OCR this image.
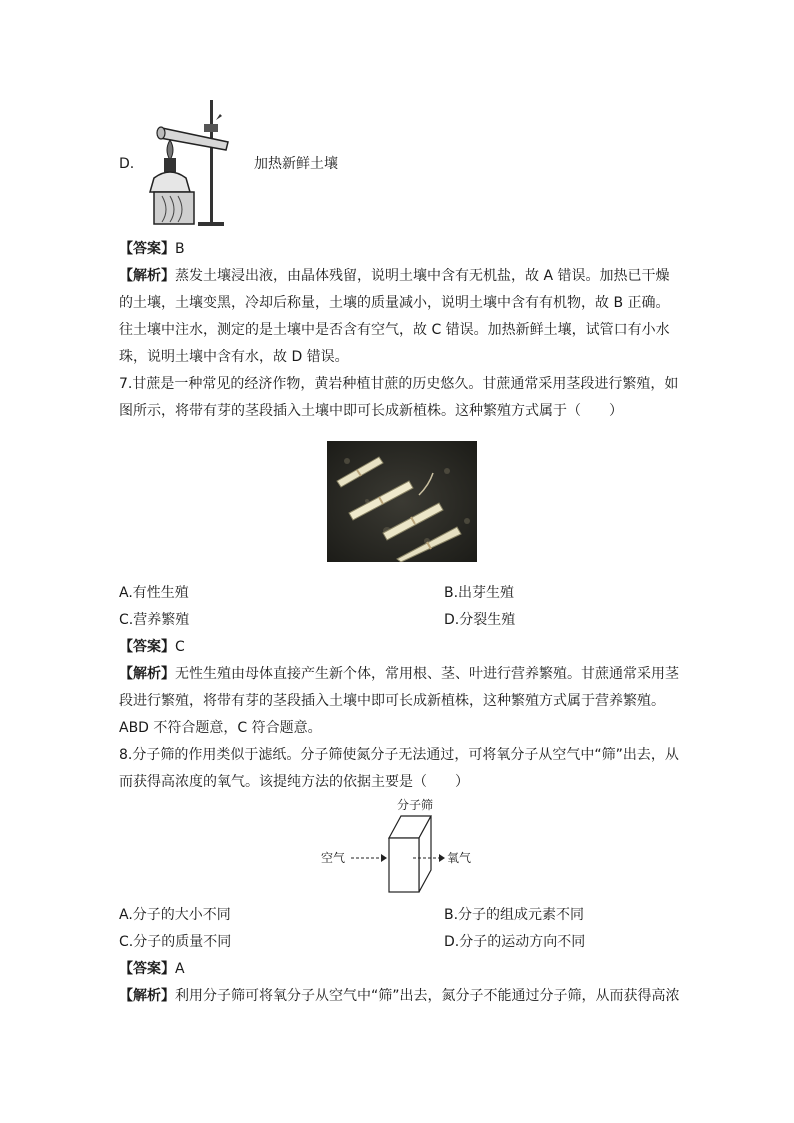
D.	加热新鲜土壤
【答案】B
【解析】蒸发土壤浸出液，由晶体残留，说明土壤中含有无机盐，故 A 错误。加热已干燥
的土壤，土壤变黑，冷却后称量，土壤的质量减小，说明土壤中含有有机物，故 B 正确。
往土壤中注水，测定的是土壤中是否含有空气，故 C 错误。加热新鲜土壤，试管口有小水
珠，说明土壤中含有水，故 D 错误。
7.甘蔗是一种常见的经济作物，黄岩种植甘蔗的历史悠久。甘蔗通常采用茎段进行繁殖，如
图所示，将带有芽的茎段插入土壤中即可长成新植株。这种繁殖方式属于（　　）
A.有性生殖	B.出芽生殖
C.营养繁殖	D.分裂生殖
【答案】C
【解析】无性生殖由母体直接产生新个体，常用根、茎、叶进行营养繁殖。甘蔗通常采用茎
段进行繁殖，将带有芽的茎段插入土壤中即可长成新植株，这种繁殖方式属于营养繁殖。
ABD 不符合题意，C 符合题意。
8.分子筛的作用类似于滤纸。分子筛使氮分子无法通过，可将氧分子从空气中“筛”出去，从
而获得高浓度的氧气。该提纯方法的依据主要是（　　）
分子筛
空气	氧气
A.分子的大小不同	B.分子的组成元素不同
C.分子的质量不同	D.分子的运动方向不同
【答案】A
【解析】利用分子筛可将氧分子从空气中“筛”出去，氮分子不能通过分子筛，从而获得高浓
